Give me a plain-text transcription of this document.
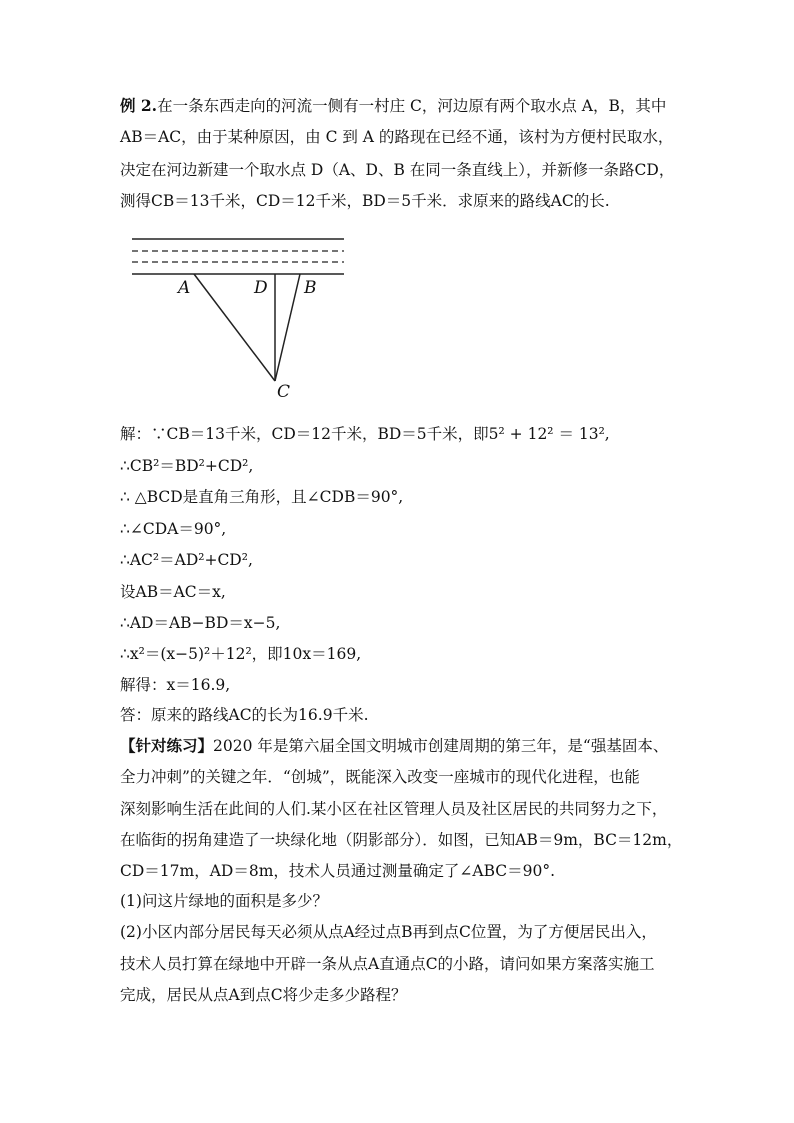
例 2.在一条东西走向的河流一侧有一村庄 C，河边原有两个取水点 A，B，其中
AB＝AC，由于某种原因，由 C 到 A 的路现在已经不通，该村为方便村民取水，
决定在河边新建一个取水点 D（A、D、B 在同一条直线上），并新修一条路CD，
测得CB＝13千米，CD＝12千米，BD＝5千米．求原来的路线AC的长.
解：∵CB＝13千米，CD＝12千米，BD＝5千米，即5² + 12² ＝ 13²,
∴CB²＝BD²+CD²,
∴ △BCD是直角三角形，且∠CDB＝90°,
∴∠CDA＝90°,
∴AC²＝AD²+CD²,
设AB＝AC＝x,
∴AD＝AB−BD＝x−5,
∴x²＝(x−5)²＋12²，即10x＝169,
解得：x＝16.9,
答：原来的路线AC的长为16.9千米.
【针对练习】2020 年是第六届全国文明城市创建周期的第三年，是“强基固本、
全力冲刺”的关键之年．“创城”，既能深入改变一座城市的现代化进程，也能
深刻影响生活在此间的人们.某小区在社区管理人员及社区居民的共同努力之下，
在临街的拐角建造了一块绿化地（阴影部分）．如图，已知AB＝9m，BC＝12m，
CD＝17m，AD＝8m，技术人员通过测量确定了∠ABC＝90°.
(1)问这片绿地的面积是多少？
(2)小区内部分居民每天必须从点A经过点B再到点C位置，为了方便居民出入，
技术人员打算在绿地中开辟一条从点A直通点C的小路，请问如果方案落实施工
完成，居民从点A到点C将少走多少路程？
A	D B
C
